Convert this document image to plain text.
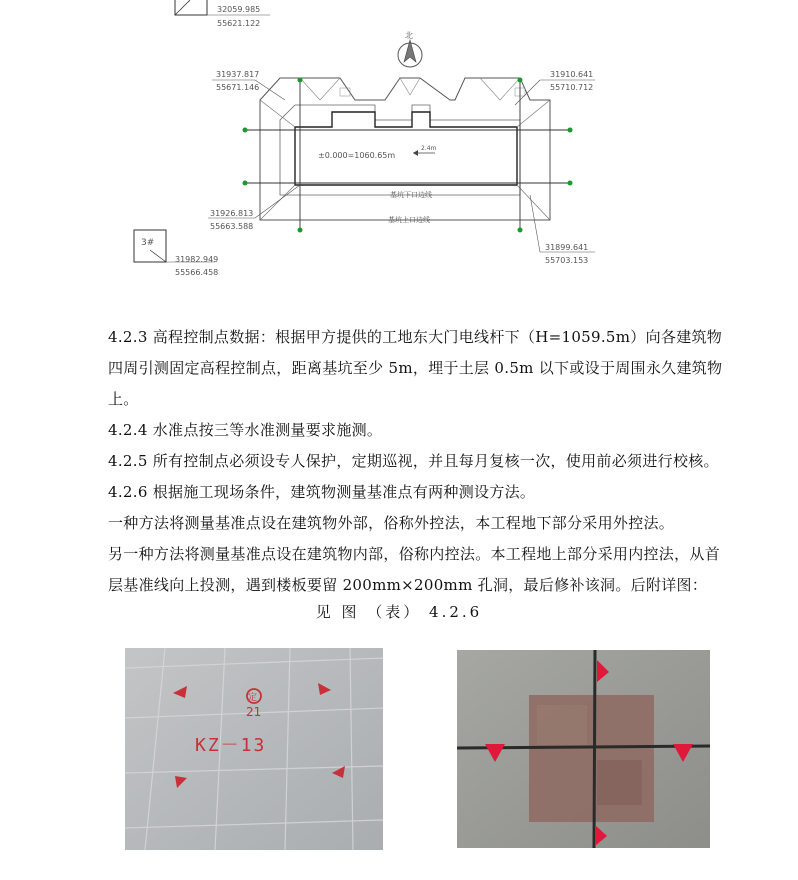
32059.985
55621.122
北
±0.000=1060.65m
2.4m
基坑下口边线
基坑上口边线
31937.817
55671.146
31910.641
55710.712
31926.813
55663.588
3#
31982.949
55566.458
31899.641
55703.153

4.2.3 高程控制点数据：根据甲方提供的工地东大门电线杆下（H=1059.5m）向各建筑物四周引测固定高程控制点，距离基坑至少 5m，埋于土层 0.5m 以下或设于周围永久建筑物上。

4.2.4 水准点按三等水准测量要求施测。

4.2.5 所有控制点必须设专人保护，定期巡视，并且每月复核一次，使用前必须进行校核。

4.2.6 根据施工现场条件，建筑物测量基准点有两种测设方法。

一种方法将测量基准点设在建筑物外部，俗称外控法，本工程地下部分采用外控法。

另一种方法将测量基准点设在建筑物内部，俗称内控法。本工程地上部分采用内控法，从首层基准线向上投测，遇到楼板要留 200mm×200mm 孔洞，最后修补该洞。后附详图：

见 图 （表） 4.2.6
定
21
KZ－13
